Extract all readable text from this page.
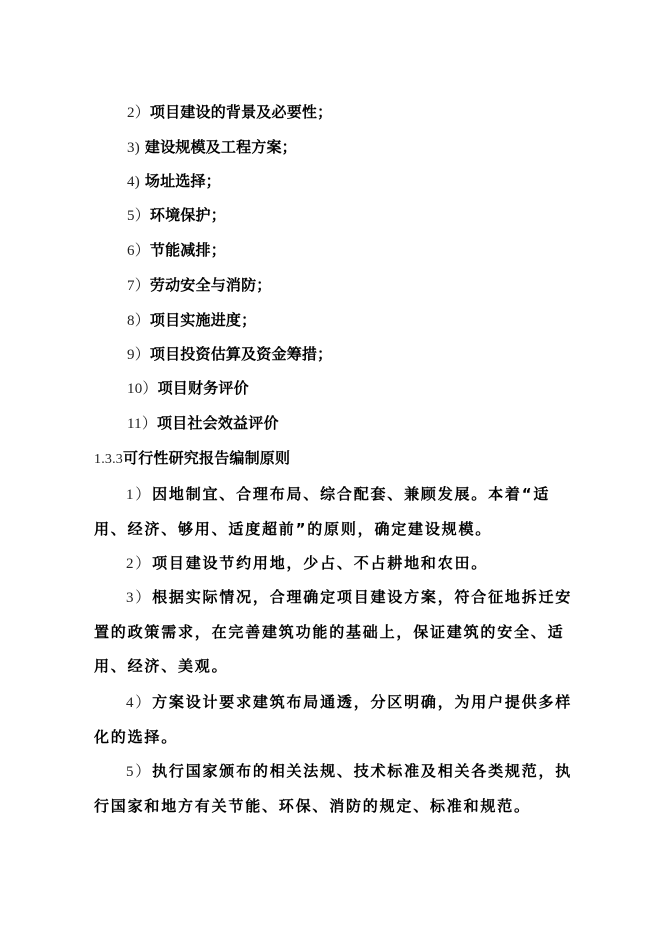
2）项目建设的背景及必要性；
3) 建设规模及工程方案；
4) 场址选择；
5）环境保护；
6）节能减排；
7）劳动安全与消防；
8）项目实施进度；
9）项目投资估算及资金筹措；
10）项目财务评价
11）项目社会效益评价
1.3.3可行性研究报告编制原则
1）因地制宜、合理布局、综合配套、兼顾发展。本着“适用、经济、够用、适度超前”的原则，确定建设规模。
2）项目建设节约用地，少占、不占耕地和农田。
3）根据实际情况，合理确定项目建设方案，符合征地拆迁安置的政策需求，在完善建筑功能的基础上，保证建筑的安全、适用、经济、美观。
4）方案设计要求建筑布局通透，分区明确，为用户提供多样化的选择。
5）执行国家颁布的相关法规、技术标准及相关各类规范，执行国家和地方有关节能、环保、消防的规定、标准和规范。
